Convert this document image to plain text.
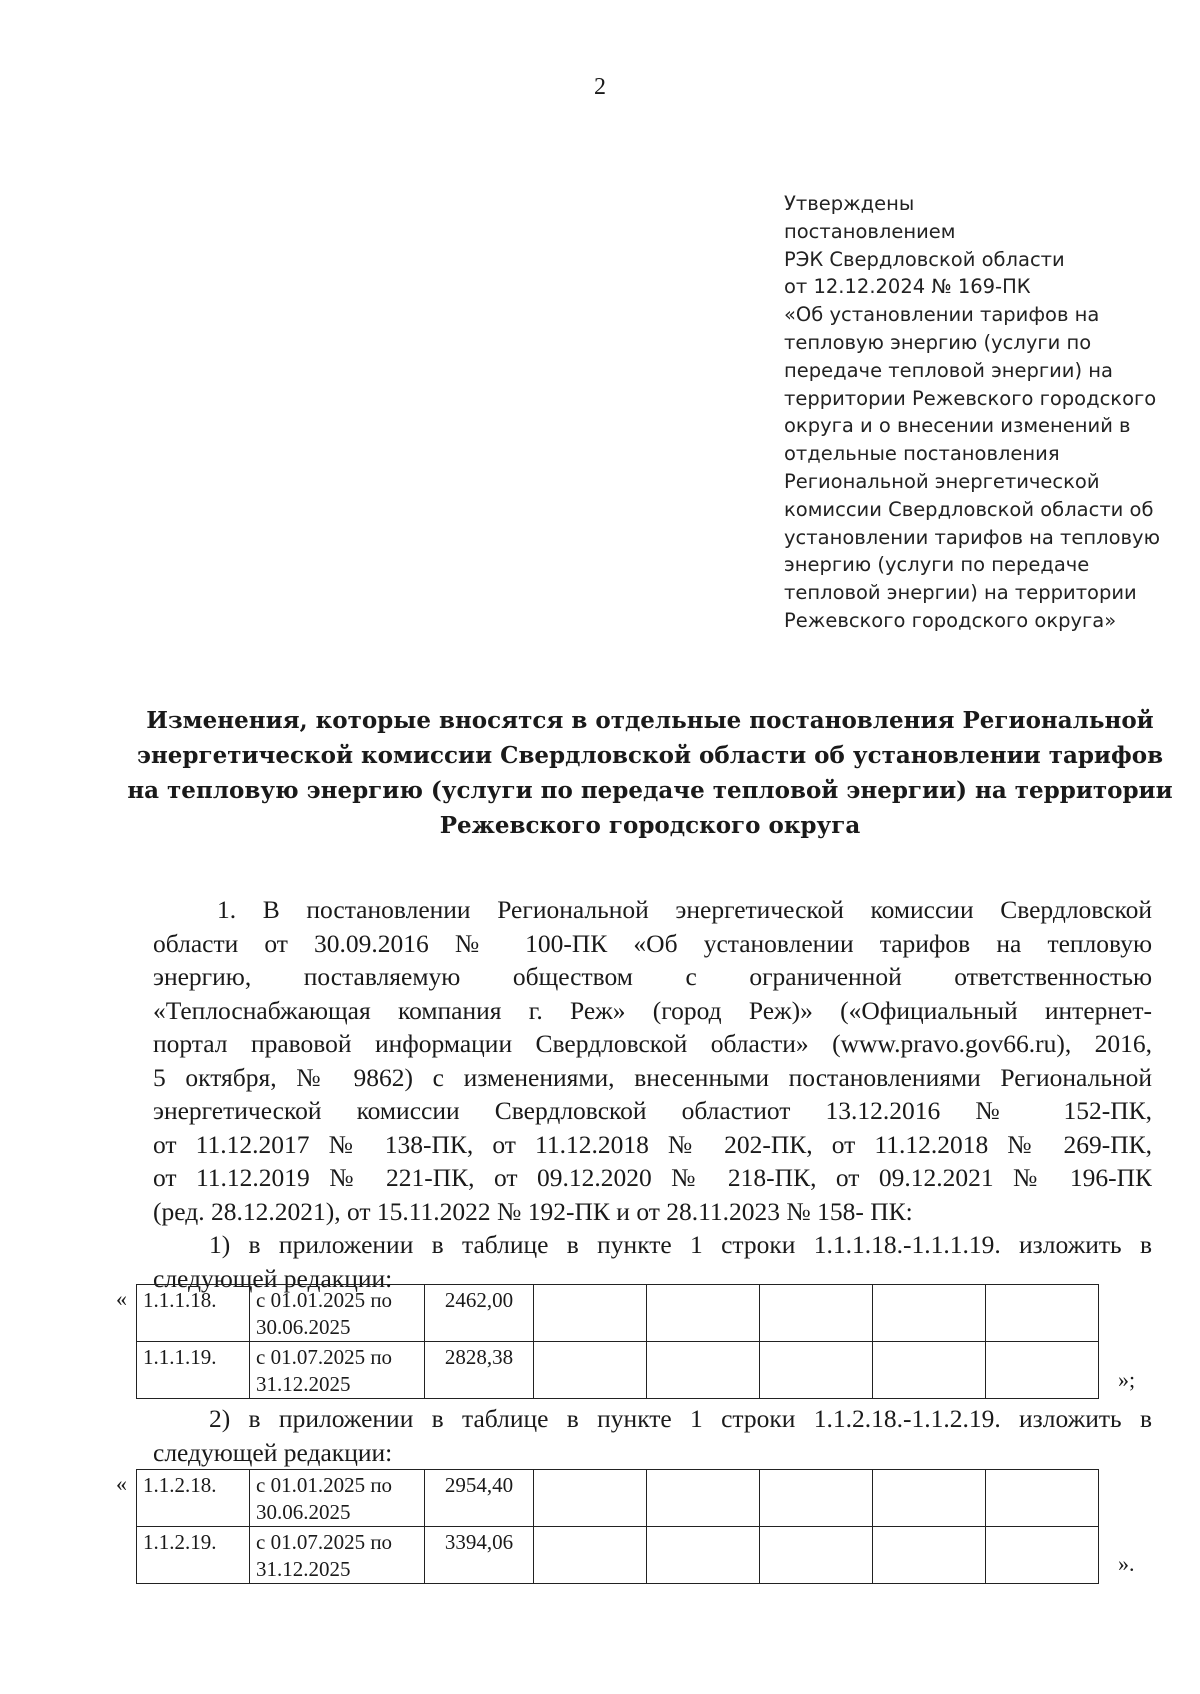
2
Утверждены
постановлением
РЭК Свердловской области
от 12.12.2024 № 169-ПК
«Об установлении тарифов на
тепловую энергию (услуги по
передаче тепловой энергии) на
территории Режевского городского
округа и о внесении изменений в
отдельные постановления
Региональной энергетической
комиссии Свердловской области об
установлении тарифов на тепловую
энергию (услуги по передаче
тепловой энергии) на территории
Режевского городского округа»
Изменения, которые вносятся в отдельные постановления Региональной
энергетической комиссии Свердловской области об установлении тарифов
на тепловую энергию (услуги по передаче тепловой энергии) на территории
Режевского городского округа
1. В постановлении Региональной энергетической комиссии Свердловской
области от 30.09.2016 № 100-ПК «Об установлении тарифов на тепловую
энергию, поставляемую обществом с ограниченной ответственностью
«Теплоснабжающая компания г. Реж» (город Реж)» («Официальный интернет-
портал правовой информации Свердловской области» (www.pravo.gov66.ru), 2016,
5 октября, № 9862) с изменениями, внесенными постановлениями Региональной
энергетической комиссии Свердловской областиот 13.12.2016 № 152-ПК,
от 11.12.2017 № 138-ПК, от 11.12.2018 № 202-ПК, от 11.12.2018 № 269-ПК,
от 11.12.2019 № 221-ПК, от 09.12.2020 № 218-ПК, от 09.12.2021 № 196-ПК
(ред. 28.12.2021), от 15.11.2022 № 192-ПК и от 28.11.2023 № 158- ПК:
1) в приложении в таблице в пункте 1 строки 1.1.1.18.-1.1.1.19. изложить в
следующей редакции:
« 1.1.1.18.	с 01.01.2025 по
30.06.2025	2462,00					
1.1.1.19.	с 01.07.2025 по
31.12.2025	2828,38					
»;
2) в приложении в таблице в пункте 1 строки 1.1.2.18.-1.1.2.19. изложить в
следующей редакции:
« 1.1.2.18.	с 01.01.2025 по
30.06.2025	2954,40					
1.1.2.19.	с 01.07.2025 по
31.12.2025	3394,06					
».
